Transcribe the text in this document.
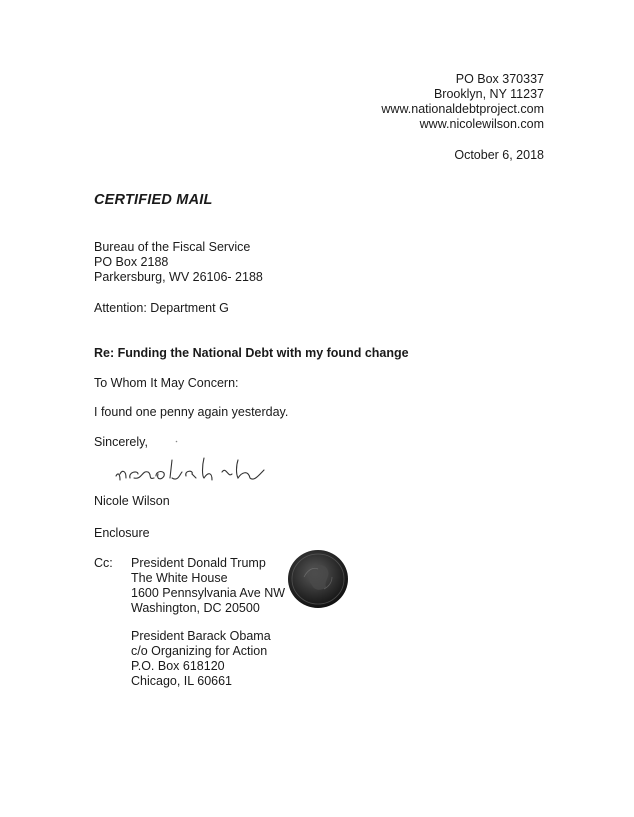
PO Box 370337
Brooklyn, NY 11237
www.nationaldebtproject.com
www.nicolewilson.com
October 6, 2018
CERTIFIED MAIL
Bureau of the Fiscal Service
PO Box 2188
Parkersburg, WV 26106- 2188
Attention: Department G
Re: Funding the National Debt with my found change
To Whom It May Concern:
I found one penny again yesterday.
Sincerely,
Nicole Wilson
Enclosure
Cc: President Donald Trump
The White House
1600 Pennsylvania Ave NW
Washington, DC 20500
President Barack Obama
c/o Organizing for Action
P.O. Box 618120
Chicago, IL 60661
